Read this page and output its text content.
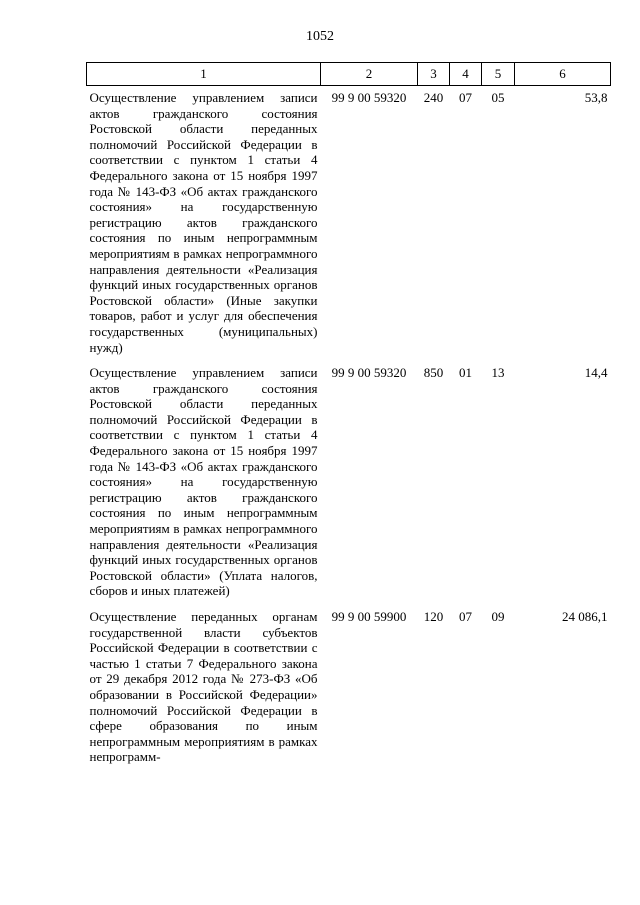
1052
1	2	3	4	5	6
Осуществление управлением записи актов гражданского состояния Ростовской области переданных полномочий Российской Федерации в соответствии с пунктом 1 статьи 4 Федерального закона от 15 ноября 1997 года № 143-ФЗ «Об актах гражданского состояния» на государственную регистрацию актов гражданского состояния по иным непрограммным мероприятиям в рамках непрограммного направления деятельности «Реализация функций иных государственных органов Ростовской области» (Иные закупки товаров, работ и услуг для обеспечения государственных (муниципальных) нужд)	99 9 00 59320	240	07	05	53,8
Осуществление управлением записи актов гражданского состояния Ростовской области переданных полномочий Российской Федерации в соответствии с пунктом 1 статьи 4 Федерального закона от 15 ноября 1997 года № 143-ФЗ «Об актах гражданского состояния» на государственную регистрацию актов гражданского состояния по иным непрограммным мероприятиям в рамках непрограммного направления деятельности «Реализация функций иных государственных органов Ростовской области» (Уплата налогов, сборов и иных платежей)	99 9 00 59320	850	01	13	14,4
Осуществление переданных органам государственной власти субъектов Российской Федерации в соответствии с частью 1 статьи 7 Федерального закона от 29 декабря 2012 года № 273-ФЗ «Об образовании в Российской Федерации» полномочий Российской Федерации в сфере образования по иным непрограммным мероприятиям в рамках непрограмм-	99 9 00 59900	120	07	09	24 086,1
